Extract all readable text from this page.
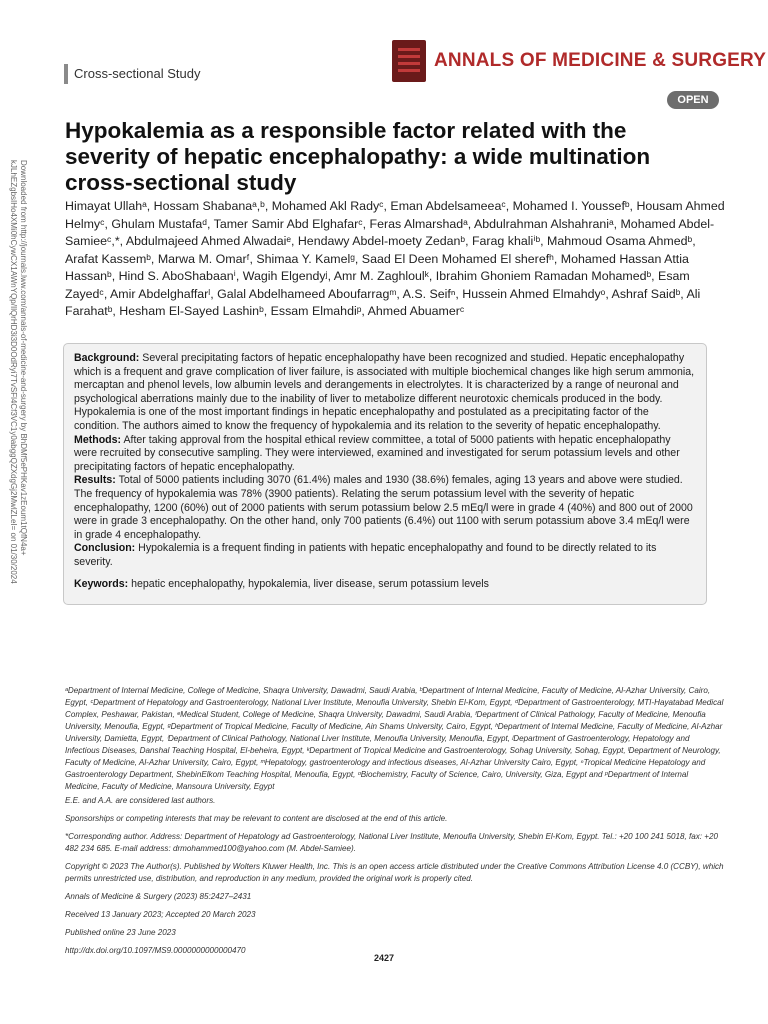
Downloaded from http://journals.lww.com/annals-of-medicine-and-surgery by BhDMf5ePHKav1zEoum1tQfN4a+
kJLhEZgbsIHo4XMi0hCywCX1AWnYQp/IlQrHD3i3D0OdRyi7TvSFl4Cf3VC1y0abggQZXdgGj2MwlZLeI= on 01/30/2024
Cross-sectional Study
ANNALS OF MEDICINE & SURGERY
OPEN
Hypokalemia as a responsible factor related with the severity of hepatic encephalopathy: a wide multination cross-sectional study
Himayat Ullahᵃ, Hossam Shabanaᵃ,ᵇ, Mohamed Akl Radyᶜ, Eman Abdelsameeaᶜ, Mohamed I. Youssefᵇ, Housam Ahmed Helmyᶜ, Ghulam Mustafaᵈ, Tamer Samir Abd Elghafarᶜ, Feras Almarshadᵃ, Abdulrahman Alshahraniᵃ, Mohamed Abdel-Samieeᶜ,*, Abdulmajeed Ahmed Alwadaiᵉ, Hendawy Abdel-moety Zedanᵇ, Farag khaliⁱᵇ, Mahmoud Osama Ahmedᵇ, Arafat Kassemᵇ, Marwa M. Omarᶠ, Shimaa Y. Kamelᵍ, Saad El Deen Mohamed El sherefʰ, Mohamed Hassan Attia Hassanᵇ, Hind S. AboShabaanⁱ, Wagih Elgendyʲ, Amr M. Zaghloulᵏ, Ibrahim Ghoniem Ramadan Mohamedᵇ, Esam Zayedᶜ, Amir Abdelghaffarˡ, Galal Abdelhameed Aboufarragᵐ, A.S. Seifⁿ, Hussein Ahmed Elmahdyᵒ, Ashraf Saidᵇ, Ali Farahatᵇ, Hesham El-Sayed Lashinᵇ, Essam Elmahdiᵖ, Ahmed Abuamerᶜ

Background: Several precipitating factors of hepatic encephalopathy have been recognized and studied. Hepatic encephalopathy which is a frequent and grave complication of liver failure, is associated with multiple biochemical changes like high serum ammonia, mercaptan and phenol levels, low albumin levels and derangements in electrolytes. It is characterized by a range of neuronal and psychological aberrations mainly due to the inability of liver to metabolize different neurotoxic chemicals produced in the body. Hypokalemia is one of the most important findings in hepatic encephalopathy and postulated as a precipitating factor of the condition. The authors aimed to know the frequency of hypokalemia and its relation to the severity of hepatic encephalopathy.

Methods: After taking approval from the hospital ethical review committee, a total of 5000 patients with hepatic encephalopathy were recruited by consecutive sampling. They were interviewed, examined and investigated for serum potassium levels and other precipitating factors of hepatic encephalopathy.

Results: Total of 5000 patients including 3070 (61.4%) males and 1930 (38.6%) females, aging 13 years and above were studied. The frequency of hypokalemia was 78% (3900 patients). Relating the serum potassium level with the severity of hepatic encephalopathy, 1200 (60%) out of 2000 patients with serum potassium below 2.5 mEq/l were in grade 4 (40%) and 800 out of 2000 were in grade 3 encephalopathy. On the other hand, only 700 patients (6.4%) out 1100 with serum potassium above 3.4 mEq/l were in grade 4 encephalopathy.

Conclusion: Hypokalemia is a frequent finding in patients with hepatic encephalopathy and found to be directly related to its severity.

Keywords: hepatic encephalopathy, hypokalemia, liver disease, serum potassium levels

ᵃDepartment of Internal Medicine, College of Medicine, Shaqra University, Dawadmi, Saudi Arabia, ᵇDepartment of Internal Medicine, Faculty of Medicine, Al-Azhar University, Cairo, Egypt, ᶜDepartment of Hepatology and Gastroenterology, National Liver Institute, Menoufia University, Shebin El-Kom, Egypt, ᵈDepartment of Gastroenterology, MTI-Hayatabad Medical Complex, Peshawar, Pakistan, ᵉMedical Student, College of Medicine, Shaqra University, Dawadmi, Saudi Arabia, ᶠDepartment of Clinical Pathology, Faculty of Medicine, Menoufia University, Menoufia, Egypt, ᵍDepartment of Tropical Medicine, Faculty of Medicine, Ain Shams University, Cairo, Egypt, ʰDepartment of Internal Medicine, Faculty of Medicine, Al-Azhar University, Damietta, Egypt, ⁱDepartment of Clinical Pathology, National Liver Institute, Menoufia University, Menoufia, Egypt, ʲDepartment of Gastroenterology, Hepatology and Infectious Diseases, Danshal Teaching Hospital, El-beheira, Egypt, ᵏDepartment of Tropical Medicine and Gastroenterology, Sohag University, Sohag, Egypt, ˡDepartment of Neurology, Faculty of Medicine, Al-Azhar University, Cairo, Egypt, ᵐHepatology, gastroenterology and infectious diseases, Al-Azhar University Cairo, Egypt, ⁿTropical Medicine Hepatology and Gastroenterology Department, ShebinElkom Teaching Hospital, Menoufia, Egypt, ᵒBiochemistry, Faculty of Science, Cairo, University, Giza, Egypt and ᵖDepartment of Internal Medicine, Faculty of Medicine, Mansoura University, Egypt

E.E. and A.A. are considered last authors.

Sponsorships or competing interests that may be relevant to content are disclosed at the end of this article.

*Corresponding author. Address: Department of Hepatology ad Gastroenterology, National Liver Institute, Menoufia University, Shebin El-Kom, Egypt. Tel.: +20 100 241 5018, fax: +20 482 234 685. E-mail address: drmohammed100@yahoo.com (M. Abdel-Samiee).

Copyright © 2023 The Author(s). Published by Wolters Kluwer Health, Inc. This is an open access article distributed under the Creative Commons Attribution License 4.0 (CCBY), which permits unrestricted use, distribution, and reproduction in any medium, provided the original work is properly cited.

Annals of Medicine & Surgery (2023) 85:2427–2431

Received 13 January 2023; Accepted 20 March 2023

Published online 23 June 2023

http://dx.doi.org/10.1097/MS9.0000000000000470

2427
